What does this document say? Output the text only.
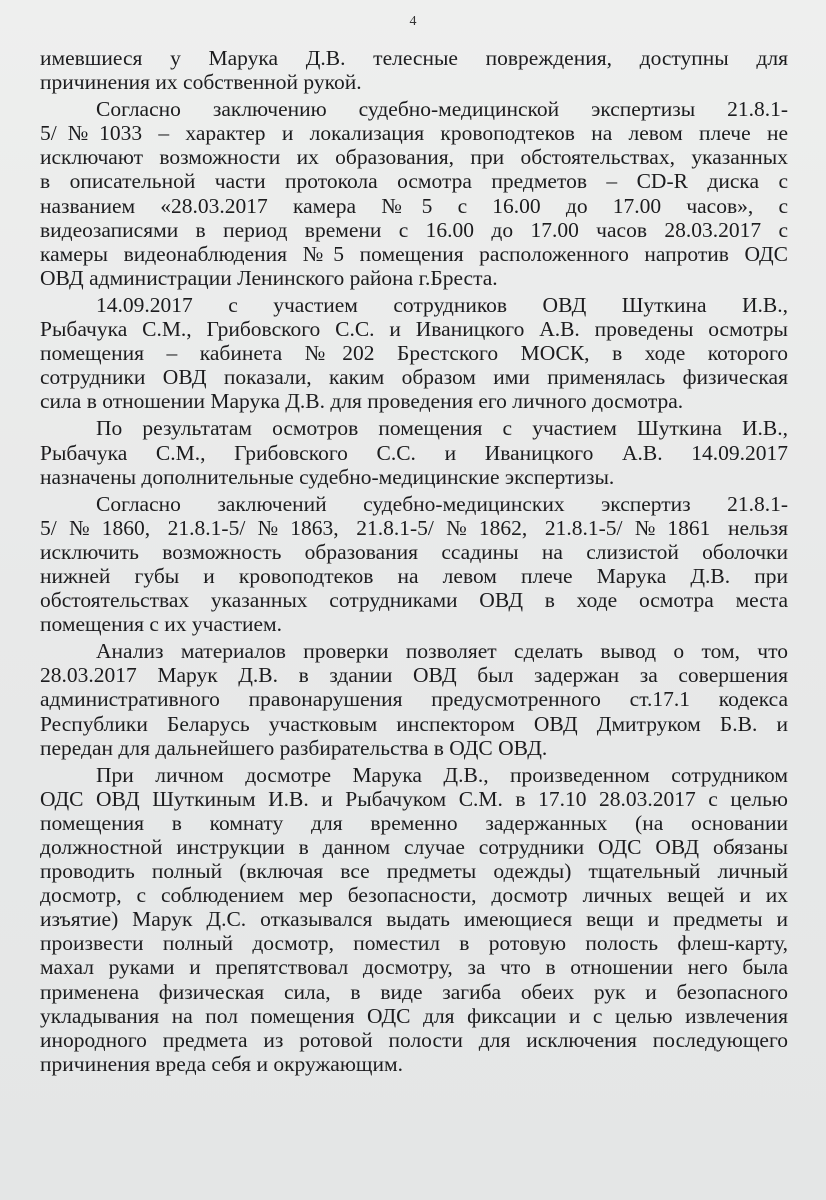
4
имевшиеся у Марука Д.В. телесные повреждения, доступны для
причинения их собственной рукой.
Согласно заключению судебно-медицинской экспертизы 21.8.1-
5/№1033 – характер и локализация кровоподтеков на левом плече не
исключают возможности их образования, при обстоятельствах, указанных
в описательной части протокола осмотра предметов – CD-R диска с
названием «28.03.2017 камера №5 с 16.00 до 17.00 часов», с
видеозаписями в период времени с 16.00 до 17.00 часов 28.03.2017 с
камеры видеонаблюдения №5 помещения расположенного напротив ОДС
ОВД администрации Ленинского района г.Бреста.
14.09.2017 с участием сотрудников ОВД Шуткина И.В.,
Рыбачука С.М., Грибовского С.С. и Иваницкого А.В. проведены осмотры
помещения – кабинета №202 Брестского МОСК, в ходе которого
сотрудники ОВД показали, каким образом ими применялась физическая
сила в отношении Марука Д.В. для проведения его личного досмотра.
По результатам осмотров помещения с участием Шуткина И.В.,
Рыбачука С.М., Грибовского С.С. и Иваницкого А.В. 14.09.2017
назначены дополнительные судебно-медицинские экспертизы.
Согласно заключений судебно-медицинских экспертиз 21.8.1-
5/№1860, 21.8.1-5/№1863, 21.8.1-5/№1862, 21.8.1-5/№1861 нельзя
исключить возможность образования ссадины на слизистой оболочки
нижней губы и кровоподтеков на левом плече Марука Д.В. при
обстоятельствах указанных сотрудниками ОВД в ходе осмотра места
помещения с их участием.
Анализ материалов проверки позволяет сделать вывод о том, что
28.03.2017 Марук Д.В. в здании ОВД был задержан за совершения
административного правонарушения предусмотренного ст.17.1 кодекса
Республики Беларусь участковым инспектором ОВД Дмитруком Б.В. и
передан для дальнейшего разбирательства в ОДС ОВД.
При личном досмотре Марука Д.В., произведенном сотрудником
ОДС ОВД Шуткиным И.В. и Рыбачуком С.М. в 17.10 28.03.2017 с целью
помещения в комнату для временно задержанных (на основании
должностной инструкции в данном случае сотрудники ОДС ОВД обязаны
проводить полный (включая все предметы одежды) тщательный личный
досмотр, с соблюдением мер безопасности, досмотр личных вещей и их
изъятие) Марук Д.С. отказывался выдать имеющиеся вещи и предметы и
произвести полный досмотр, поместил в ротовую полость флеш-карту,
махал руками и препятствовал досмотру, за что в отношении него была
применена физическая сила, в виде загиба обеих рук и безопасного
укладывания на пол помещения ОДС для фиксации и с целью извлечения
инородного предмета из ротовой полости для исключения последующего
причинения вреда себя и окружающим.
